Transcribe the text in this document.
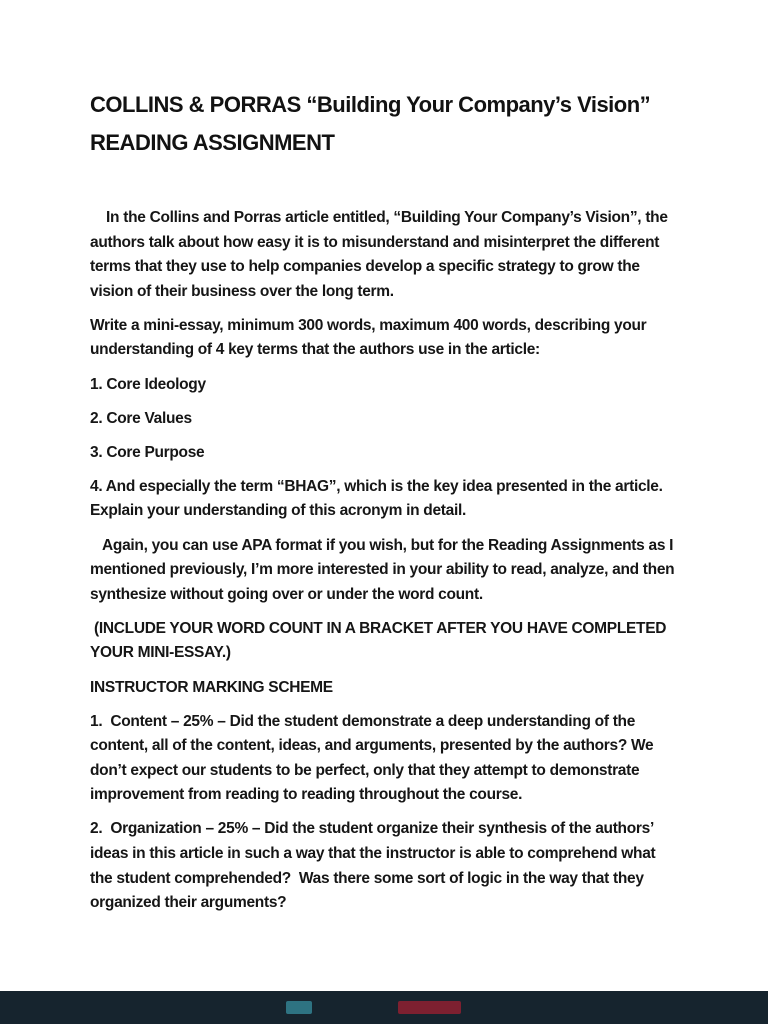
COLLINS & PORRAS “Building Your Company’s Vision”
READING ASSIGNMENT

In the Collins and Porras article entitled, “Building Your Company’s Vision”, the authors talk about how easy it is to misunderstand and misinterpret the different terms that they use to help companies develop a specific strategy to grow the vision of their business over the long term.

Write a mini-essay, minimum 300 words, maximum 400 words, describing your understanding of 4 key terms that the authors use in the article:

1. Core Ideology

2. Core Values

3. Core Purpose

4. And especially the term “BHAG”, which is the key idea presented in the article. Explain your understanding of this acronym in detail.

Again, you can use APA format if you wish, but for the Reading Assignments as I mentioned previously, I’m more interested in your ability to read, analyze, and then synthesize without going over or under the word count.

(INCLUDE YOUR WORD COUNT IN A BRACKET AFTER YOU HAVE COMPLETED YOUR MINI-ESSAY.)

INSTRUCTOR MARKING SCHEME

1.  Content – 25% – Did the student demonstrate a deep understanding of the content, all of the content, ideas, and arguments, presented by the authors? We don’t expect our students to be perfect, only that they attempt to demonstrate improvement from reading to reading throughout the course.

2.  Organization – 25% – Did the student organize their synthesis of the authors’ ideas in this article in such a way that the instructor is able to comprehend what the student comprehended?  Was there some sort of logic in the way that they organized their arguments?
